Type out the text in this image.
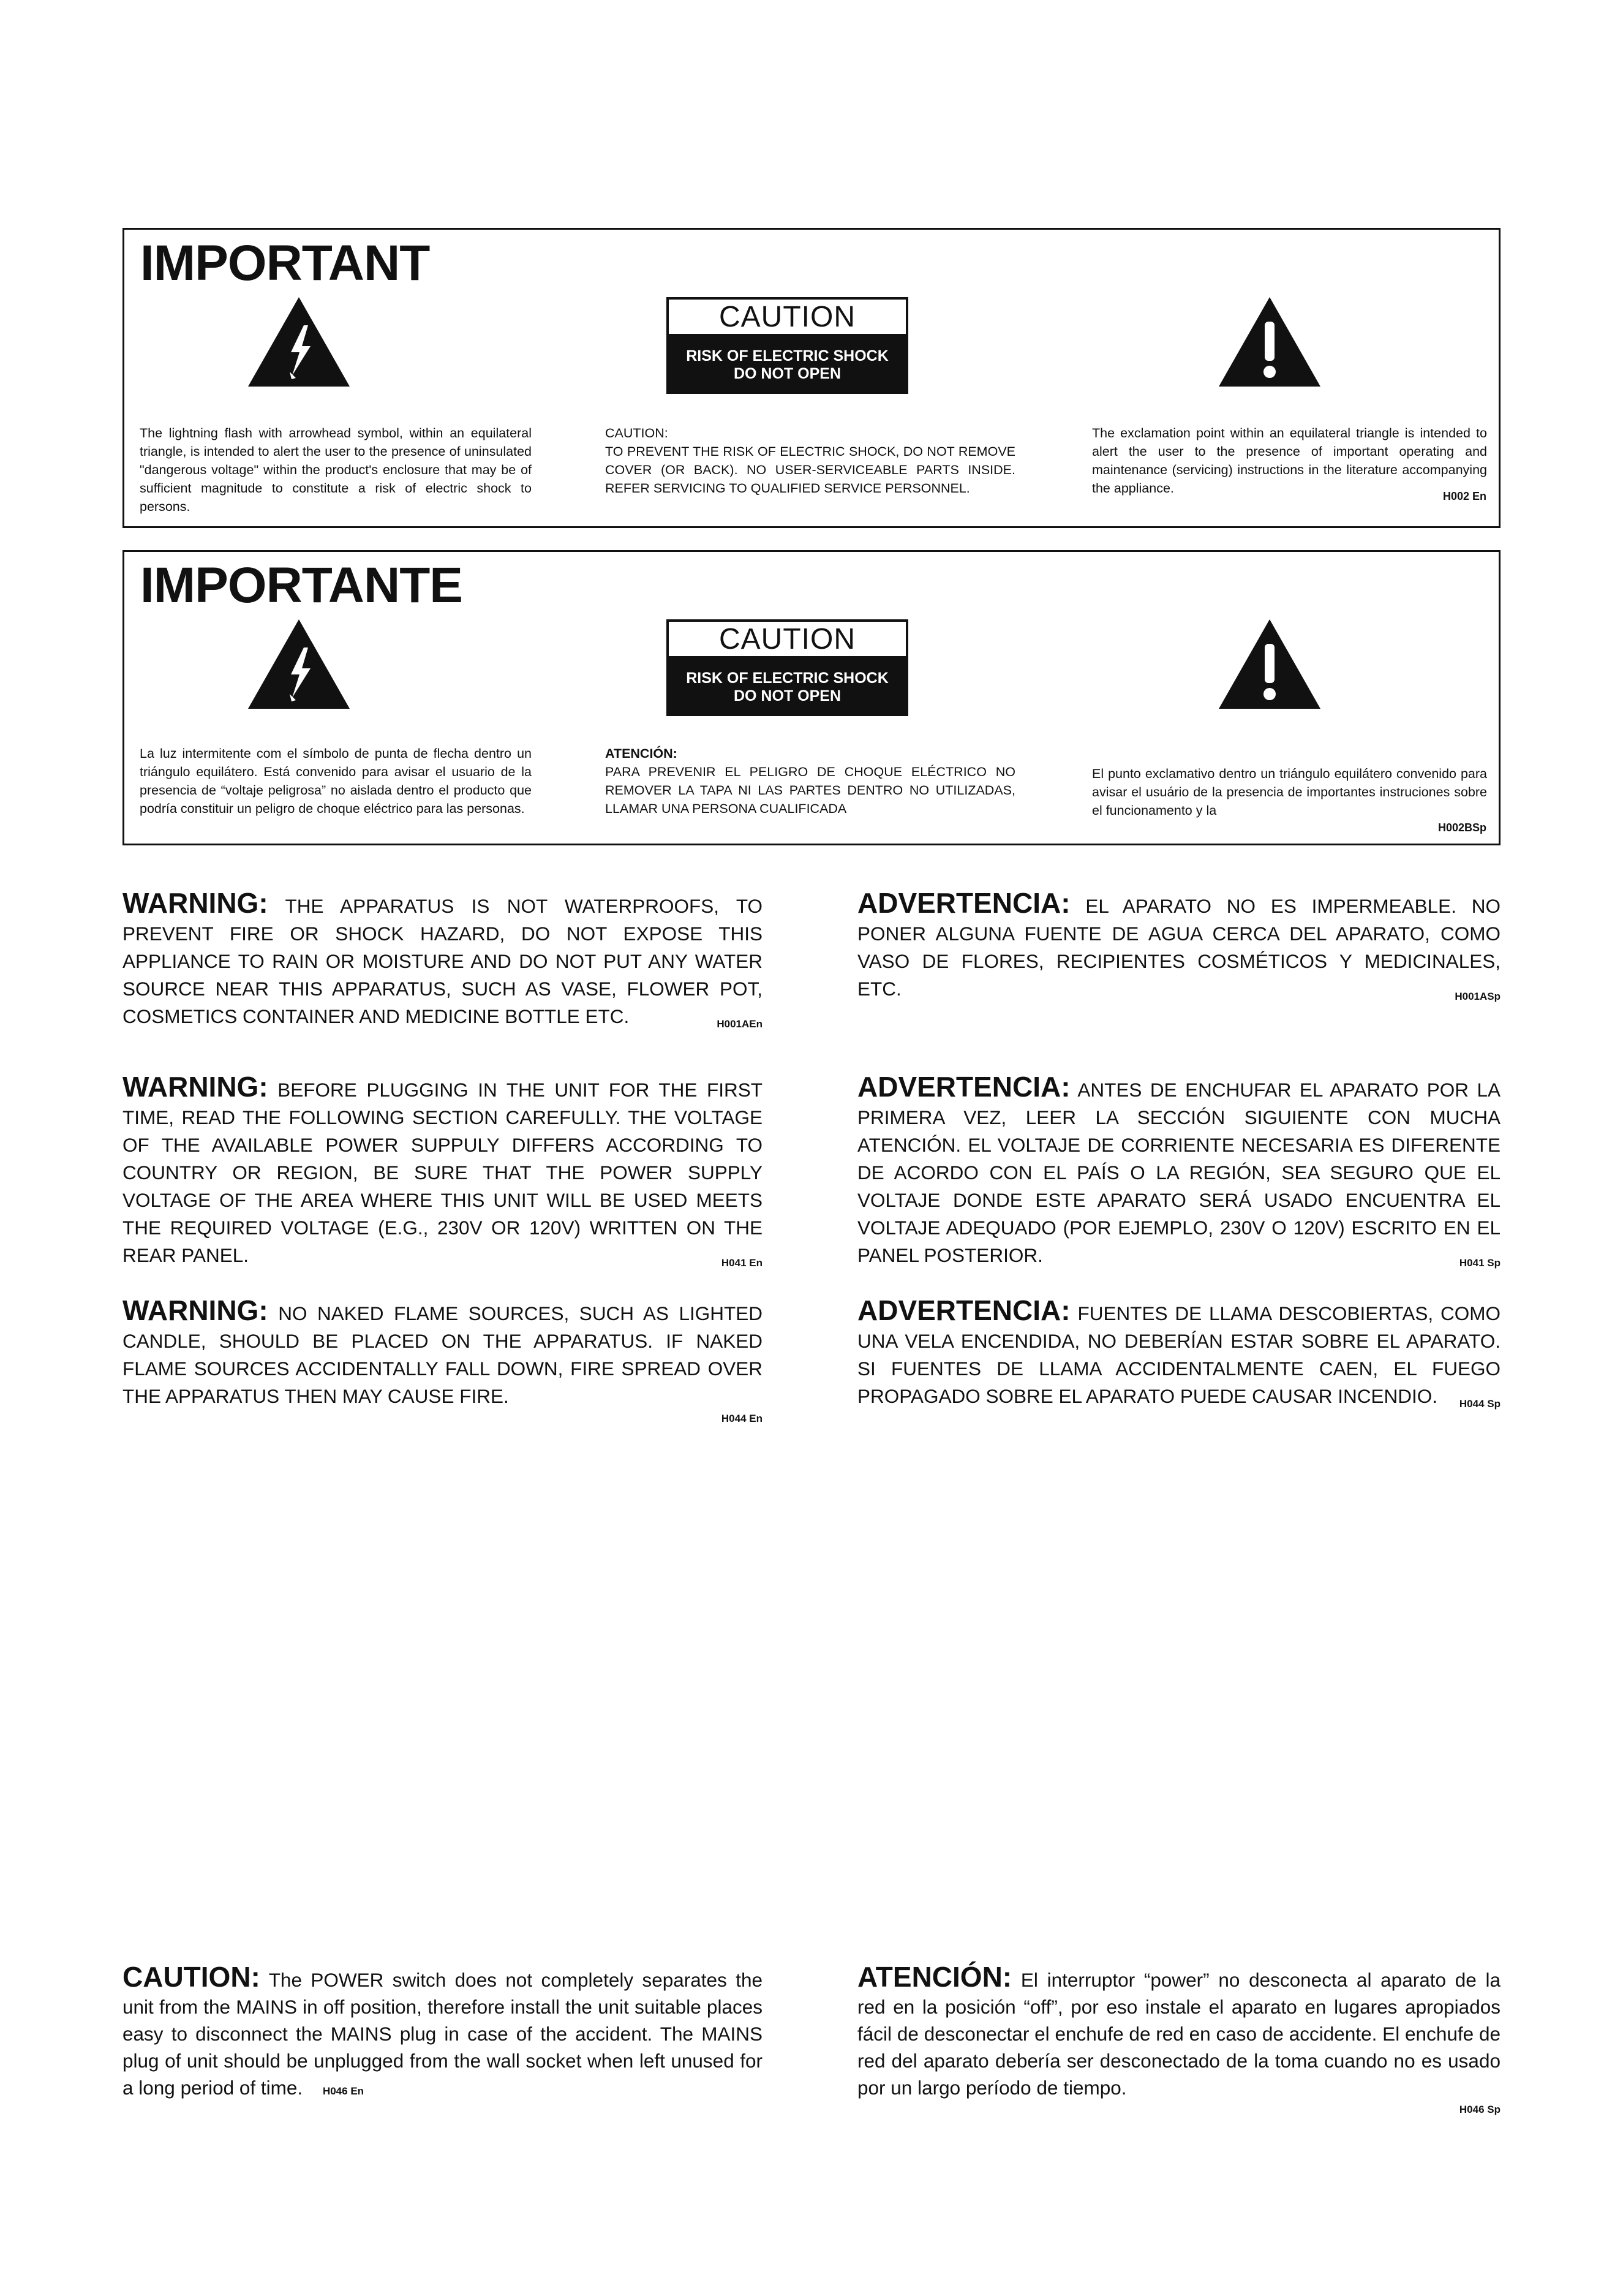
IMPORTANT
CAUTION
RISK OF ELECTRIC SHOCK
DO NOT OPEN

The lightning flash with arrowhead symbol, within an equilateral triangle, is intended to alert the user to the presence of uninsulated "dangerous voltage" within the product's enclosure that may be of sufficient magnitude to constitute a risk of electric shock to persons.

CAUTION:
TO PREVENT THE RISK OF ELECTRIC SHOCK, DO NOT REMOVE COVER (OR BACK). NO USER-SERVICEABLE PARTS INSIDE. REFER SERVICING TO QUALIFIED SERVICE PERSONNEL.

The exclamation point within an equilateral triangle is intended to alert the user to the presence of important operating and maintenance (servicing) instructions in the literature accompanying the appliance.

H002 En
IMPORTANTE
CAUTION
RISK OF ELECTRIC SHOCK
DO NOT OPEN

La luz intermitente com el símbolo de punta de flecha dentro un triángulo equilátero. Está convenido para avisar el usuario de la presencia de “voltaje peligrosa” no aislada dentro el producto que podría constituir un peligro de choque eléctrico para las personas.

ATENCIÓN:
PARA PREVENIR EL PELIGRO DE CHOQUE ELÉCTRICO NO REMOVER LA TAPA NI LAS PARTES DENTRO NO UTILIZADAS, LLAMAR UNA PERSONA CUALIFICADA

El punto exclamativo dentro un triángulo equilátero convenido para avisar el usuário de la presencia de importantes instruciones sobre el funcionamento y la

H002BSp
WARNING: THE APPARATUS IS NOT WATERPROOFS, TO PREVENT FIRE OR SHOCK HAZARD, DO NOT EXPOSE THIS APPLIANCE TO RAIN OR MOISTURE AND DO NOT PUT ANY WATER SOURCE NEAR THIS APPARATUS, SUCH AS VASE, FLOWER POT, COSMETICS CONTAINER AND MEDICINE BOTTLE ETC.	H001AEn
WARNING: BEFORE PLUGGING IN THE UNIT FOR THE FIRST TIME, READ THE FOLLOWING SECTION CAREFULLY. THE VOLTAGE OF THE AVAILABLE POWER SUPPULY DIFFERS ACCORDING TO COUNTRY OR REGION, BE SURE THAT THE POWER SUPPLY VOLTAGE OF THE AREA WHERE THIS UNIT WILL BE USED MEETS THE REQUIRED VOLTAGE (E.G., 230V OR 120V) WRITTEN ON THE REAR PANEL.	H041 En
WARNING: NO NAKED FLAME SOURCES, SUCH AS LIGHTED CANDLE, SHOULD BE PLACED ON THE APPARATUS. IF NAKED FLAME SOURCES ACCIDENTALLY FALL DOWN, FIRE SPREAD OVER THE APPARATUS THEN MAY CAUSE FIRE.
H044 En
ADVERTENCIA: EL APARATO NO ES IMPERMEABLE. NO PONER ALGUNA FUENTE DE AGUA CERCA DEL APARATO, COMO VASO DE FLORES, RECIPIENTES COSMÉTICOS Y MEDICINALES, ETC.	H001ASp
ADVERTENCIA: ANTES DE ENCHUFAR EL APARATO POR LA PRIMERA VEZ, LEER LA SECCIÓN SIGUIENTE CON MUCHA ATENCIÓN. EL VOLTAJE DE CORRIENTE NECESARIA ES DIFERENTE DE ACORDO CON EL PAÍS O LA REGIÓN, SEA SEGURO QUE EL VOLTAJE DONDE ESTE APARATO SERÁ USADO ENCUENTRA EL VOLTAJE ADEQUADO (POR EJEMPLO, 230V O 120V) ESCRITO EN EL PANEL POSTERIOR.	H041 Sp
ADVERTENCIA: FUENTES DE LLAMA DESCOBIERTAS, COMO UNA VELA ENCENDIDA, NO DEBERÍAN ESTAR SOBRE EL APARATO. SI FUENTES DE LLAMA ACCIDENTALMENTE CAEN, EL FUEGO PROPAGADO SOBRE EL APARATO PUEDE CAUSAR INCENDIO. H044 Sp
CAUTION: The POWER switch does not completely separates the unit from the MAINS in off position, therefore install the unit suitable places easy to disconnect the MAINS plug in case of the accident. The MAINS plug of unit should be unplugged from the wall socket when left unused for a long period of time. H046 En
ATENCIÓN: El interruptor “power” no desconecta al aparato de la red en la posición “off”, por eso instale el aparato en lugares apropiados fácil de desconectar el enchufe de red en caso de accidente. El enchufe de red del aparato debería ser desconectado de la toma cuando no es usado por un largo período de tiempo.
H046 Sp
